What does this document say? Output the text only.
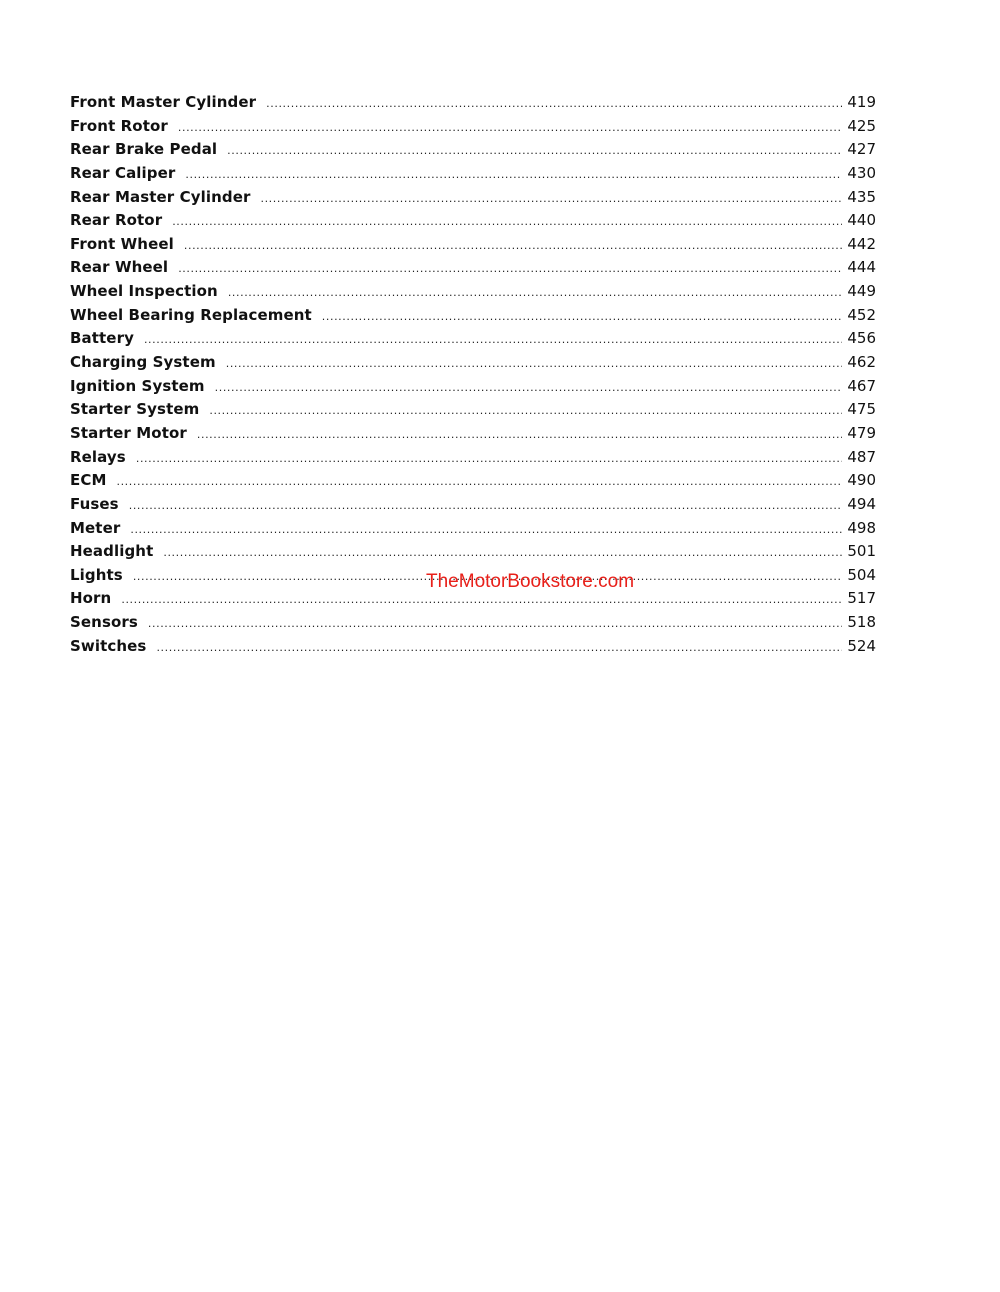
Front Master Cylinder .....	419
Front Rotor .....	425
Rear Brake Pedal .....	427
Rear Caliper .....	430
Rear Master Cylinder .....	435
Rear Rotor .....	440
Front Wheel .....	442
Rear Wheel .....	444
Wheel Inspection .....	449
Wheel Bearing Replacement .....	452
Battery .....	456
Charging System .....	462
Ignition System .....	467
Starter System .....	475
Starter Motor .....	479
Relays .....	487
ECM .....	490
Fuses .....	494
Meter .....	498
Headlight .....	501
Lights .....	504
Horn .....	517
Sensors .....	518
Switches .....	524
TheMotorBookstore.com
